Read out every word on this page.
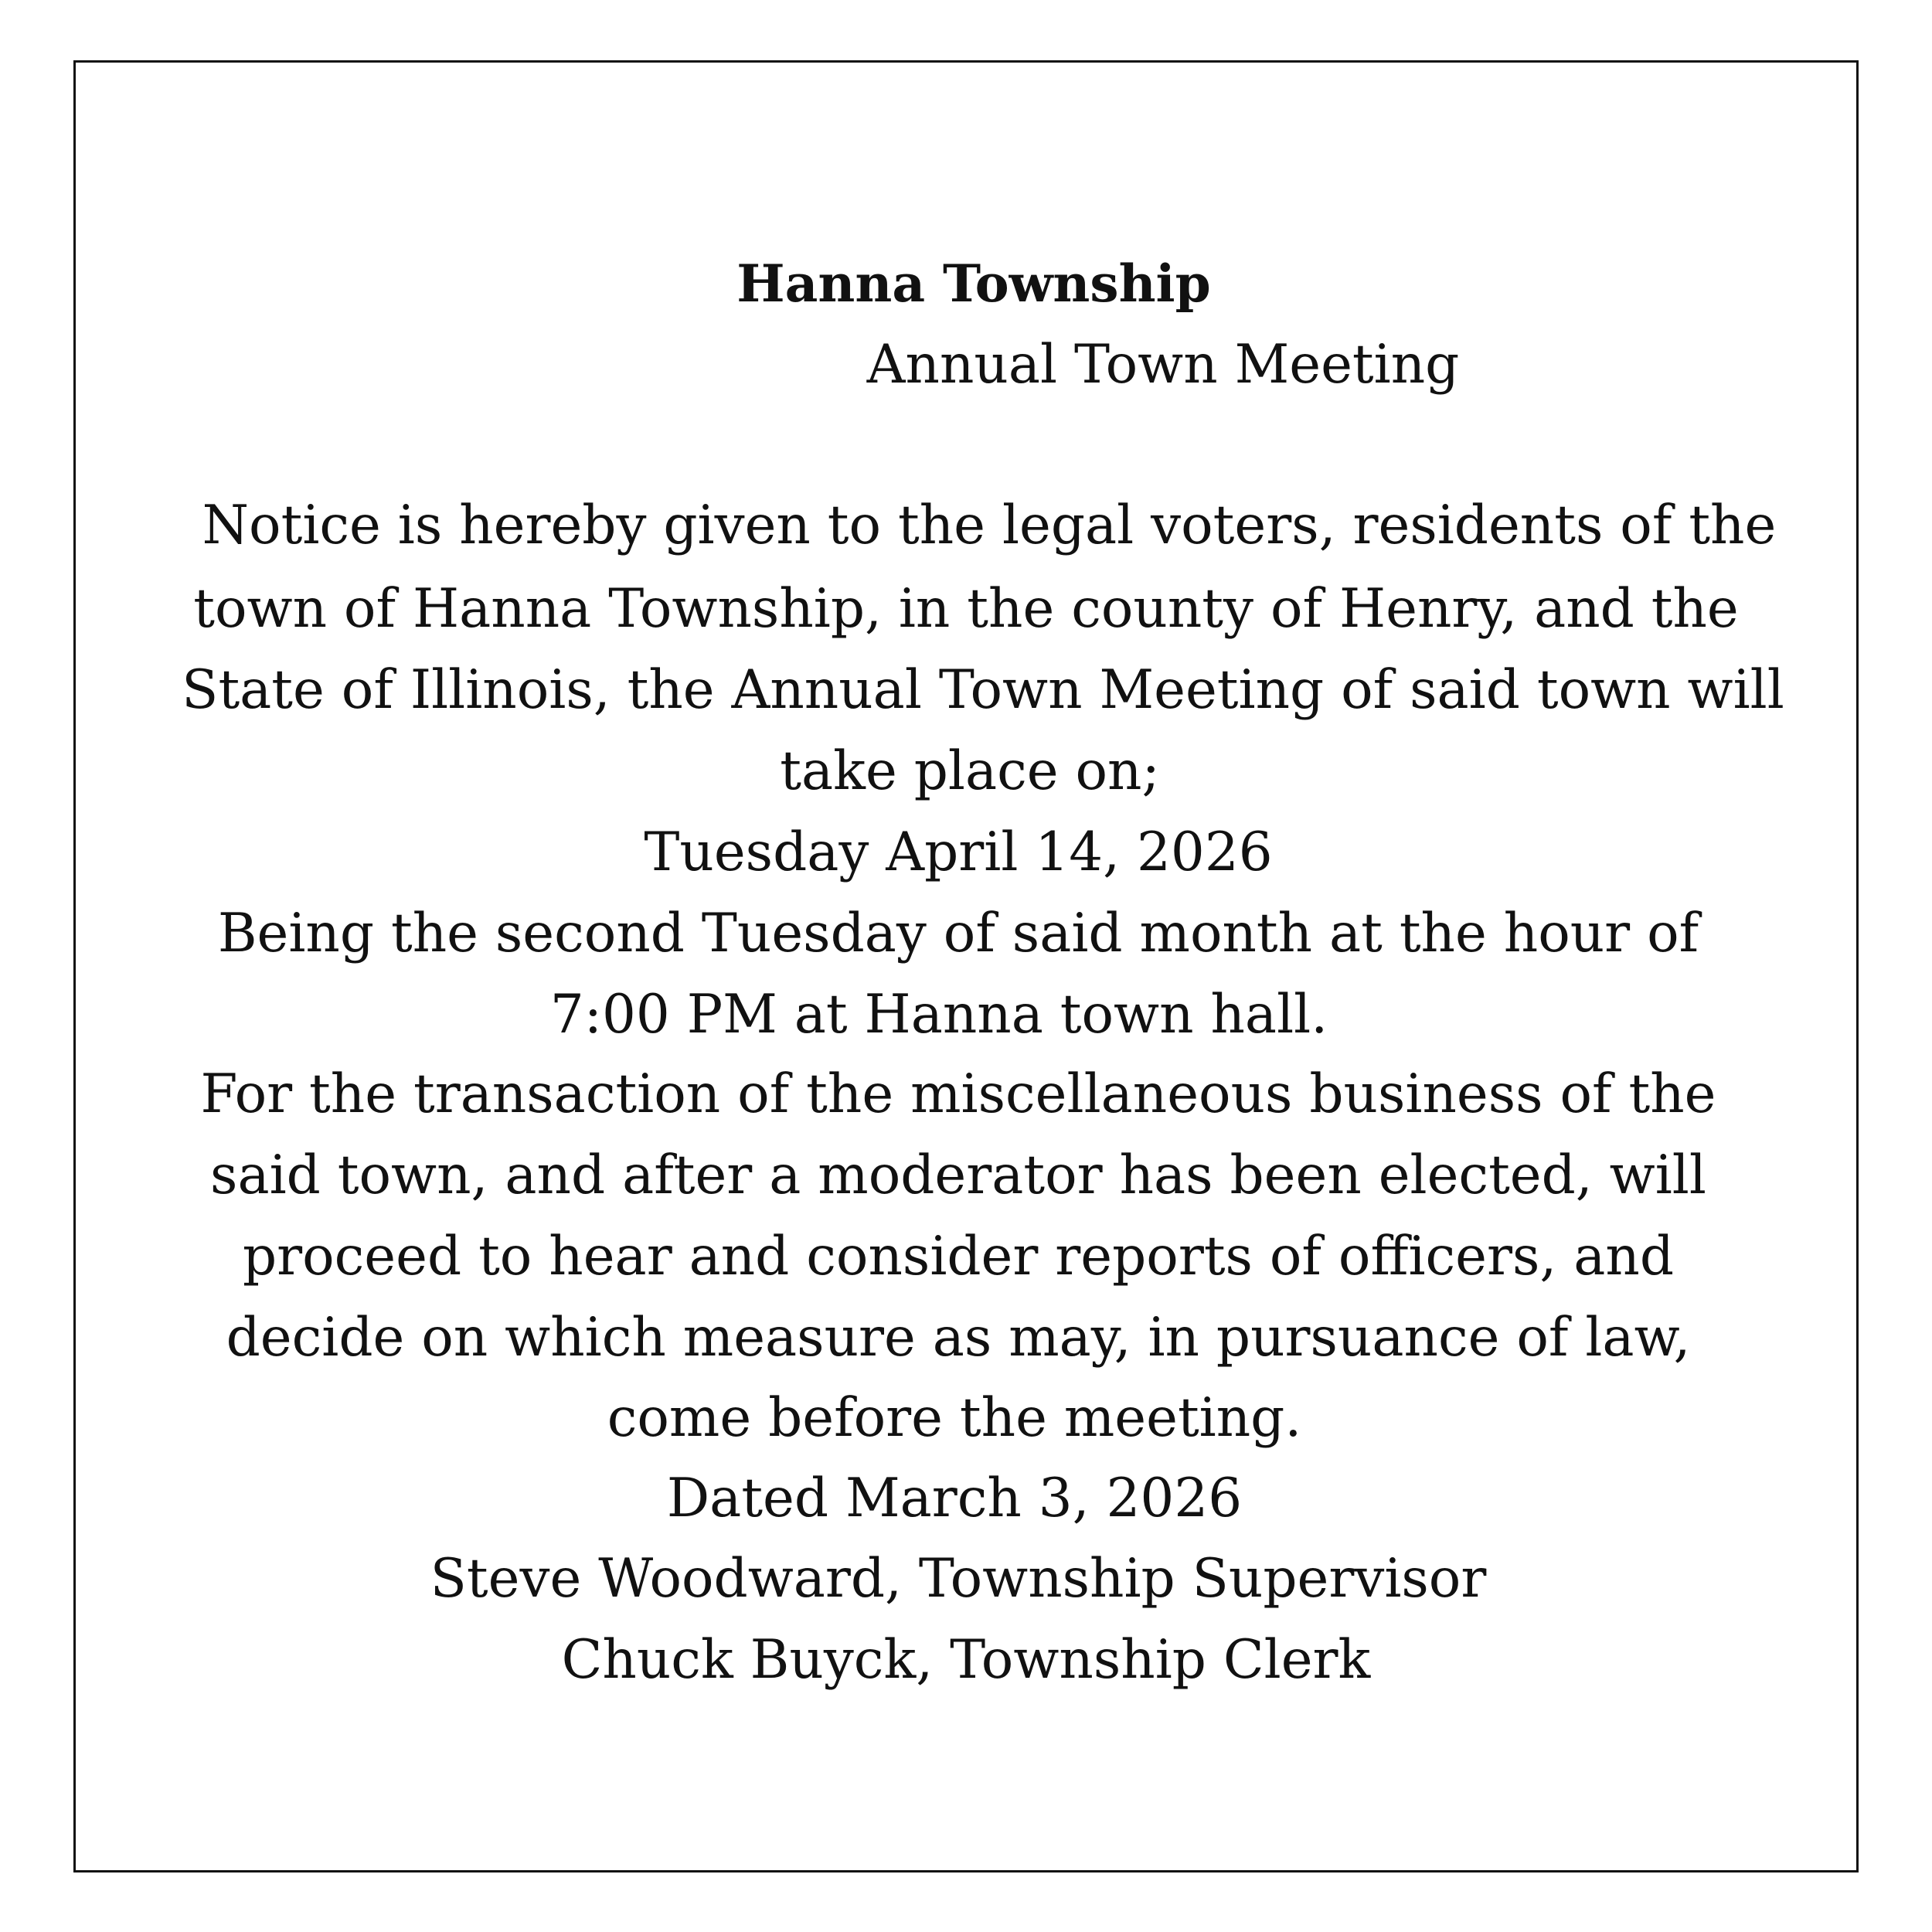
Hanna Township
Annual Town Meeting
Notice is hereby given to the legal voters, residents of the
town of Hanna Township, in the county of Henry, and the
State of Illinois, the Annual Town Meeting of said town will
take place on;
Tuesday April 14, 2026
Being the second Tuesday of said month at the hour of
7:00 PM at Hanna town hall.
For the transaction of the miscellaneous business of the
said town, and after a moderator has been elected, will
proceed to hear and consider reports of officers, and
decide on which measure as may, in pursuance of law,
come before the meeting.
Dated March 3, 2026
Steve Woodward, Township Supervisor
Chuck Buyck, Township Clerk
